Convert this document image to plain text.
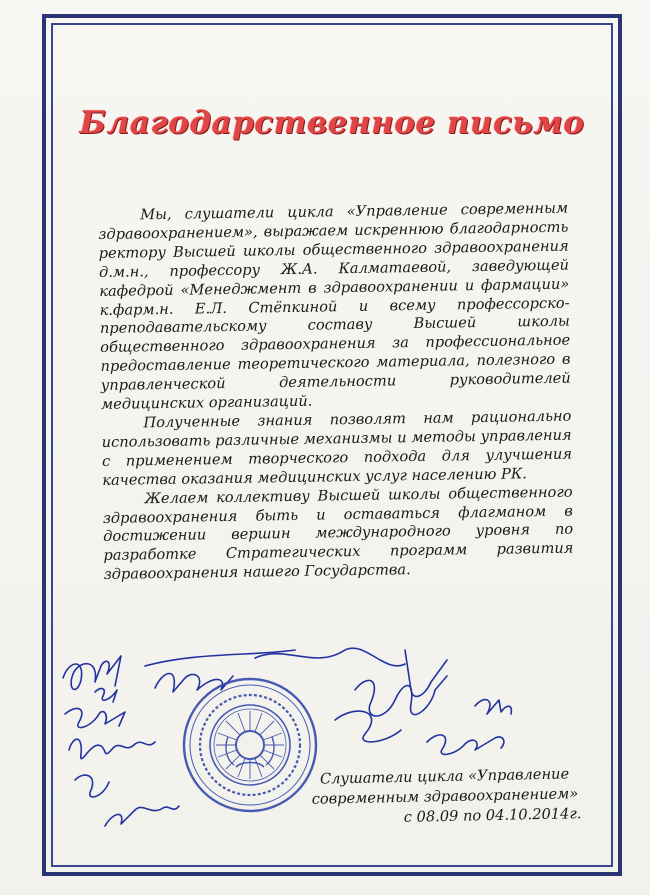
Благодарственное письмо

Мы, слушатели цикла «Управление современным здравоохранением», выражаем искреннюю благодарность ректору Высшей школы общественного здравоохранения д.м.н., профессору Ж.А. Калматаевой, заведующей кафедрой «Менеджмент в здравоохранении и фармации» к.фарм.н. Е.Л. Стёпкиной и всему профессорско-преподавательскому составу Высшей школы общественного здравоохранения за профессиональное предоставление теоретического материала, полезного в управленческой деятельности руководителей медицинских организаций.

Полученные знания позволят нам рационально использовать различные механизмы и методы управления с применением творческого подхода для улучшения качества оказания медицинских услуг населению РК.

Желаем коллективу Высшей школы общественного здравоохранения быть и оставаться флагманом в достижении вершин международного уровня по разработке Стратегических программ развития здравоохранения нашего Государства.

Слушатели цикла «Управление
современным здравоохранением»
с 08.09 по 04.10.2014г.
